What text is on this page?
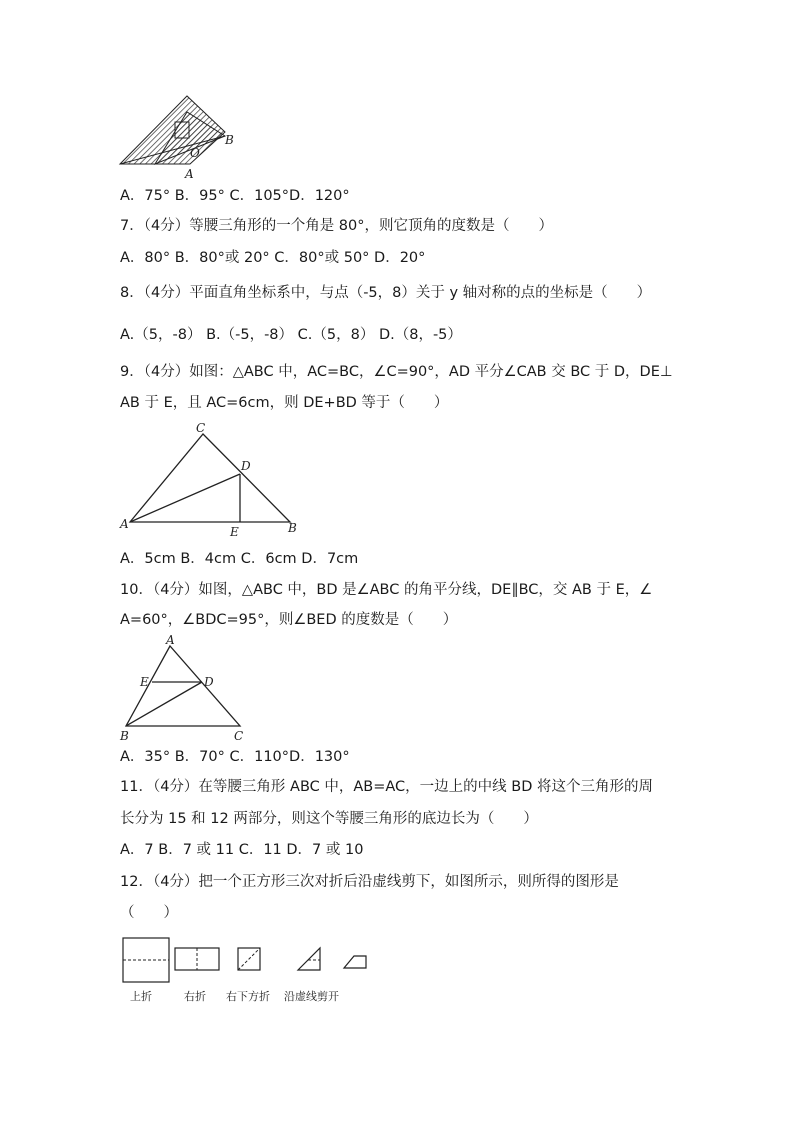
B
O
A
A．75° B．95° C．105°D．120°
7．（4分）等腰三角形的一个角是 80°，则它顶角的度数是（　　）
A．80° B．80°或 20° C．80°或 50° D．20°
8．（4分）平面直角坐标系中，与点（-5，8）关于 y 轴对称的点的坐标是（　　）
A.（5，-8） B.（-5，-8） C.（5，8） D.（8，-5）
9．（4分）如图：△ABC 中，AC=BC，∠C=90°，AD 平分∠CAB 交 BC 于 D，DE⊥
AB 于 E，且 AC=6cm，则 DE+BD 等于（　　）
C
D
A
E	B
A．5cm B．4cm C．6cm D．7cm
10．（4分）如图，△ABC 中，BD 是∠ABC 的角平分线，DE∥BC，交 AB 于 E，∠
A=60°，∠BDC=95°，则∠BED 的度数是（　　）
A
E	D
B	C
A．35° B．70° C．110°D．130°
11．（4分）在等腰三角形 ABC 中，AB=AC，一边上的中线 BD 将这个三角形的周
长分为 15 和 12 两部分，则这个等腰三角形的底边长为（　　）
A．7 B．7 或 11 C．11 D．7 或 10
12．（4分）把一个正方形三次对折后沿虚线剪下，如图所示，则所得的图形是
（　　）
上折	右折 右下方折 沿虚线剪开
